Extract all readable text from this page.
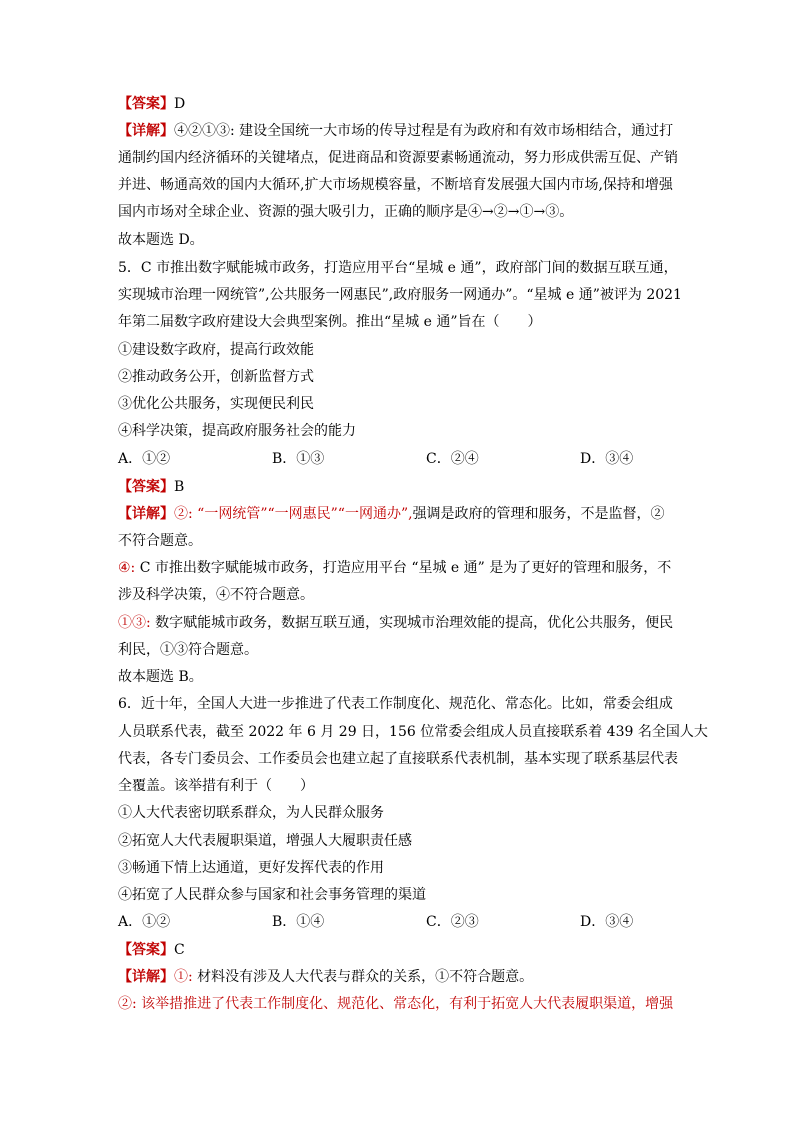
【答案】D
【详解】④②①③: 建设全国统一大市场的传导过程是有为政府和有效市场相结合，通过打
通制约国内经济循环的关键堵点，促进商品和资源要素畅通流动，努力形成供需互促、产销
并进、畅通高效的国内大循环,扩大市场规模容量，不断培育发展强大国内市场,保持和增强
国内市场对全球企业、资源的强大吸引力，正确的顺序是④→②→①→③。
故本题选 D。
5．C 市推出数字赋能城市政务，打造应用平台“星城 e 通”，政府部门间的数据互联互通，
实现城市治理一网统管”,公共服务一网惠民”,政府服务一网通办”。“星城 e 通”被评为 2021
年第二届数字政府建设大会典型案例。推出“星城 e 通”旨在（　　）
①建设数字政府，提高行政效能
②推动政务公开，创新监督方式
③优化公共服务，实现便民利民
④科学决策，提高政府服务社会的能力
A．①②	B．①③	C．②④	D．③④
【答案】B
【详解】②: “一网统管”“一网惠民”“一网通办”,强调是政府的管理和服务，不是监督，②
不符合题意。
④: C 市推出数字赋能城市政务，打造应用平台 “星城 e 通” 是为了更好的管理和服务，不
涉及科学决策，④不符合题意。
①③: 数字赋能城市政务，数据互联互通，实现城市治理效能的提高，优化公共服务，便民
利民，①③符合题意。
故本题选 B。
6．近十年，全国人大进一步推进了代表工作制度化、规范化、常态化。比如，常委会组成
人员联系代表，截至 2022 年 6 月 29 日，156 位常委会组成人员直接联系着 439 名全国人大
代表，各专门委员会、工作委员会也建立起了直接联系代表机制，基本实现了联系基层代表
全覆盖。该举措有利于（　　）
①人大代表密切联系群众，为人民群众服务
②拓宽人大代表履职渠道，增强人大履职责任感
③畅通下情上达通道，更好发挥代表的作用
④拓宽了人民群众参与国家和社会事务管理的渠道
A．①②	B．①④	C．②③	D．③④
【答案】C
【详解】①: 材料没有涉及人大代表与群众的关系，①不符合题意。
②: 该举措推进了代表工作制度化、规范化、常态化，有利于拓宽人大代表履职渠道，增强
